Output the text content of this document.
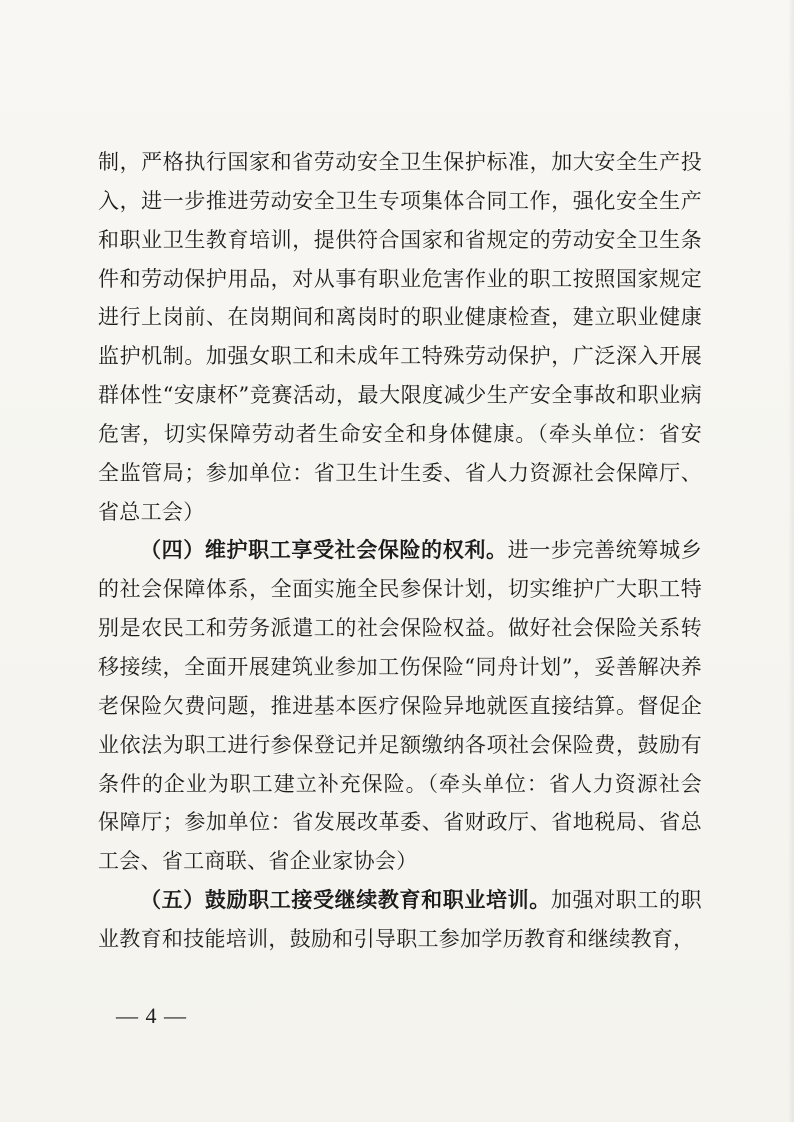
制，严格执行国家和省劳动安全卫生保护标准，加大安全生产投入，进一步推进劳动安全卫生专项集体合同工作，强化安全生产和职业卫生教育培训，提供符合国家和省规定的劳动安全卫生条件和劳动保护用品，对从事有职业危害作业的职工按照国家规定进行上岗前、在岗期间和离岗时的职业健康检查，建立职业健康监护机制。加强女职工和未成年工特殊劳动保护，广泛深入开展群体性“安康杯”竞赛活动，最大限度减少生产安全事故和职业病危害，切实保障劳动者生命安全和身体健康。（牵头单位：省安全监管局；参加单位：省卫生计生委、省人力资源社会保障厅、省总工会）

（四）维护职工享受社会保险的权利。进一步完善统筹城乡的社会保障体系，全面实施全民参保计划，切实维护广大职工特别是农民工和劳务派遣工的社会保险权益。做好社会保险关系转移接续，全面开展建筑业参加工伤保险“同舟计划”，妥善解决养老保险欠费问题，推进基本医疗保险异地就医直接结算。督促企业依法为职工进行参保登记并足额缴纳各项社会保险费，鼓励有条件的企业为职工建立补充保险。（牵头单位：省人力资源社会保障厅；参加单位：省发展改革委、省财政厅、省地税局、省总工会、省工商联、省企业家协会）

（五）鼓励职工接受继续教育和职业培训。加强对职工的职业教育和技能培训，鼓励和引导职工参加学历教育和继续教育，

— 4 —
